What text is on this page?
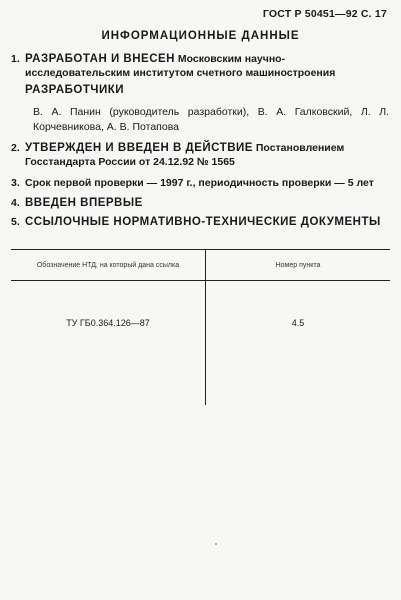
ГОСТ Р 50451—92 С. 17
ИНФОРМАЦИОННЫЕ ДАННЫЕ
1. РАЗРАБОТАН И ВНЕСЕН Московским научно-исследовательским институтом счетного машиностроения
РАЗРАБОТЧИКИ
В. А. Панин (руководитель разработки), В. А. Галковский, Л. Л. Корчевникова, А. В. Потапова
2. УТВЕРЖДЕН И ВВЕДЕН В ДЕЙСТВИЕ Постановлением Госстандарта России от 24.12.92 № 1565
3. Срок первой проверки — 1997 г., периодичность проверки — 5 лет
4. ВВЕДЕН ВПЕРВЫЕ
5. ССЫЛОЧНЫЕ НОРМАТИВНО-ТЕХНИЧЕСКИЕ ДОКУМЕНТЫ
Обозначение НТД, на который дана ссылка	Номер пункта
ТУ ГБ0.364.126—87	4.5
